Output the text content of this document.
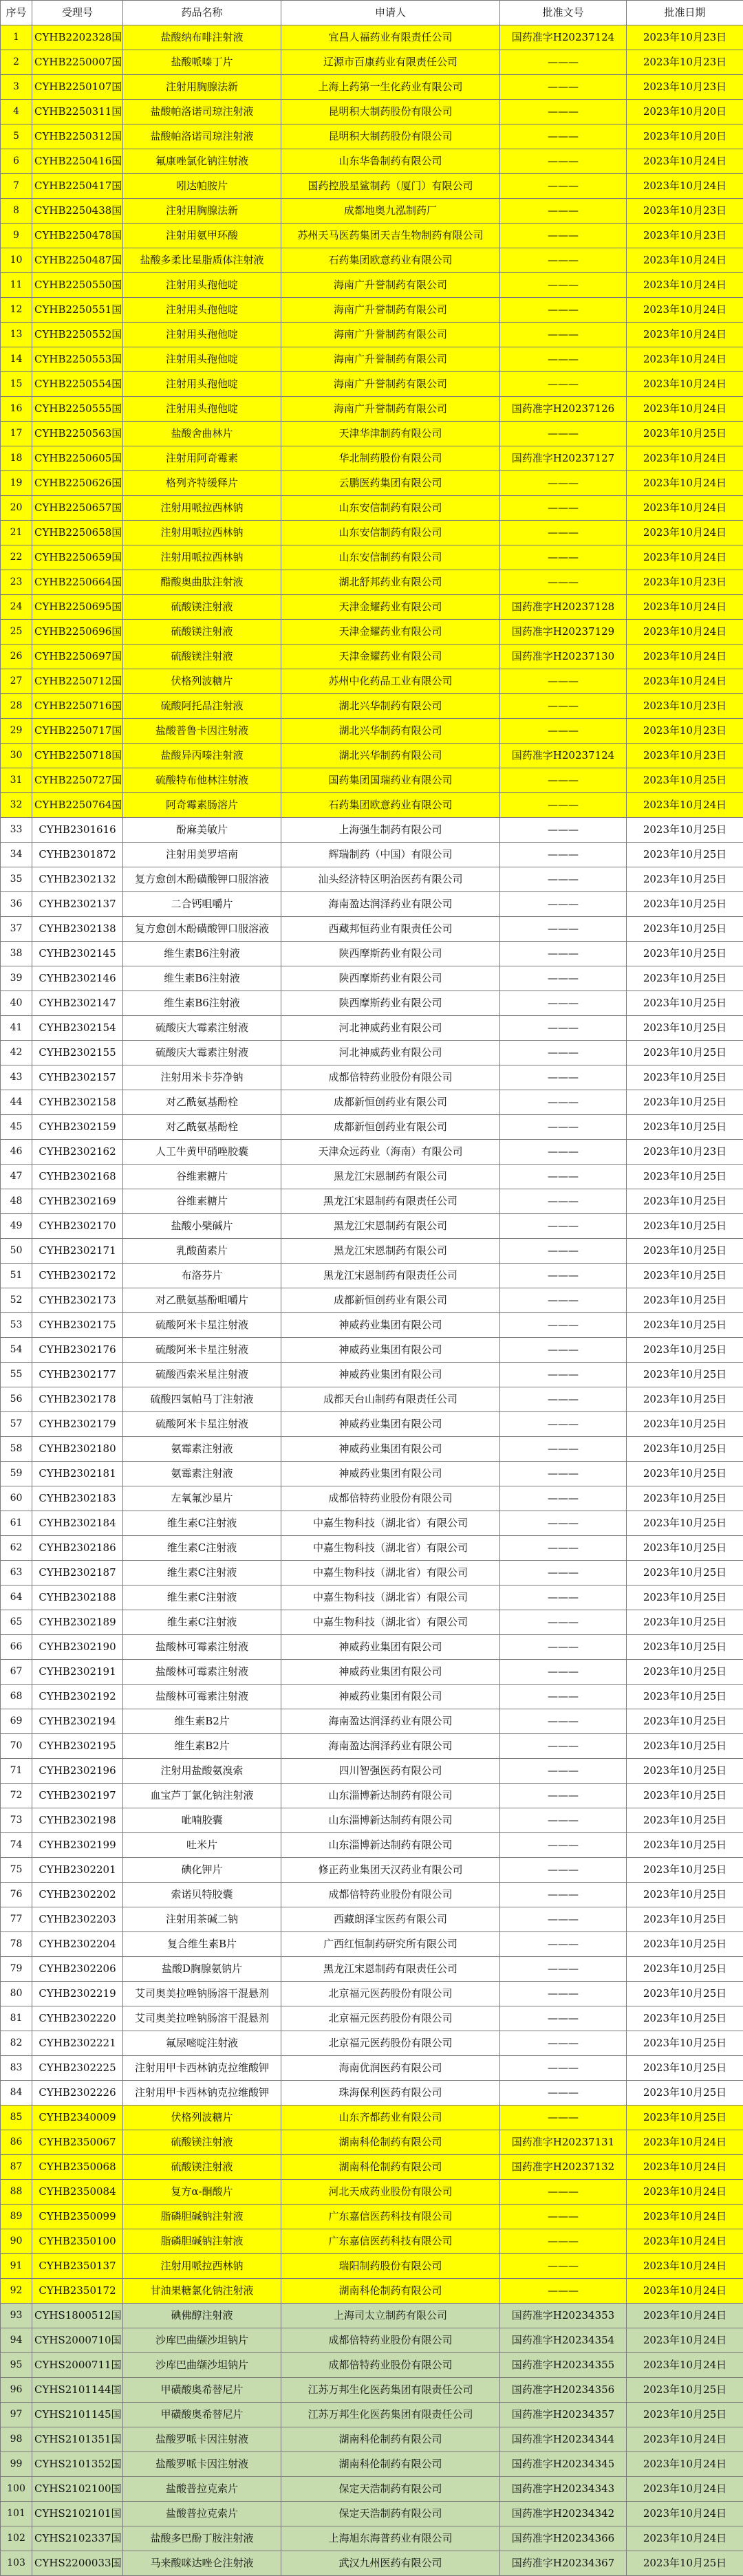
序号	受理号	药品名称	申请人	批准文号	批准日期
1	CYHB2202328国	盐酸纳布啡注射液	宜昌人福药业有限责任公司	国药准字H20237124	2023年10月23日
2	CYHB2250007国	盐酸哌嗪丁片	辽源市百康药业有限责任公司	———	2023年10月23日
3	CYHB2250107国	注射用胸腺法新	上海上药第一生化药业有限公司	———	2023年10月23日
4	CYHB2250311国	盐酸帕洛诺司琼注射液	昆明积大制药股份有限公司	———	2023年10月20日
5	CYHB2250312国	盐酸帕洛诺司琼注射液	昆明积大制药股份有限公司	———	2023年10月20日
6	CYHB2250416国	氟康唑氯化钠注射液	山东华鲁制药有限公司	———	2023年10月24日
7	CYHB2250417国	吲达帕胺片	国药控股星鲨制药（厦门）有限公司	———	2023年10月24日
8	CYHB2250438国	注射用胸腺法新	成都地奥九泓制药厂	———	2023年10月23日
9	CYHB2250478国	注射用氨甲环酸	苏州天马医药集团天吉生物制药有限公司	———	2023年10月23日
10	CYHB2250487国	盐酸多柔比星脂质体注射液	石药集团欧意药业有限公司	———	2023年10月24日
11	CYHB2250550国	注射用头孢他啶	海南广升誉制药有限公司	———	2023年10月24日
12	CYHB2250551国	注射用头孢他啶	海南广升誉制药有限公司	———	2023年10月24日
13	CYHB2250552国	注射用头孢他啶	海南广升誉制药有限公司	———	2023年10月24日
14	CYHB2250553国	注射用头孢他啶	海南广升誉制药有限公司	———	2023年10月24日
15	CYHB2250554国	注射用头孢他啶	海南广升誉制药有限公司	———	2023年10月24日
16	CYHB2250555国	注射用头孢他啶	海南广升誉制药有限公司	国药准字H20237126	2023年10月24日
17	CYHB2250563国	盐酸舍曲林片	天津华津制药有限公司	———	2023年10月25日
18	CYHB2250605国	注射用阿奇霉素	华北制药股份有限公司	国药准字H20237127	2023年10月24日
19	CYHB2250626国	格列齐特缓释片	云鹏医药集团有限公司	———	2023年10月24日
20	CYHB2250657国	注射用哌拉西林钠	山东安信制药有限公司	———	2023年10月24日
21	CYHB2250658国	注射用哌拉西林钠	山东安信制药有限公司	———	2023年10月24日
22	CYHB2250659国	注射用哌拉西林钠	山东安信制药有限公司	———	2023年10月24日
23	CYHB2250664国	醋酸奥曲肽注射液	湖北舒邦药业有限公司	———	2023年10月23日
24	CYHB2250695国	硫酸镁注射液	天津金耀药业有限公司	国药准字H20237128	2023年10月24日
25	CYHB2250696国	硫酸镁注射液	天津金耀药业有限公司	国药准字H20237129	2023年10月24日
26	CYHB2250697国	硫酸镁注射液	天津金耀药业有限公司	国药准字H20237130	2023年10月24日
27	CYHB2250712国	伏格列波糖片	苏州中化药品工业有限公司	———	2023年10月24日
28	CYHB2250716国	硫酸阿托品注射液	湖北兴华制药有限公司	———	2023年10月23日
29	CYHB2250717国	盐酸普鲁卡因注射液	湖北兴华制药有限公司	———	2023年10月23日
30	CYHB2250718国	盐酸异丙嗪注射液	湖北兴华制药有限公司	国药准字H20237124	2023年10月23日
31	CYHB2250727国	硫酸特布他林注射液	国药集团国瑞药业有限公司	———	2023年10月25日
32	CYHB2250764国	阿奇霉素肠溶片	石药集团欧意药业有限公司	———	2023年10月24日
33	CYHB2301616	酚麻美敏片	上海强生制药有限公司	———	2023年10月25日
34	CYHB2301872	注射用美罗培南	辉瑞制药（中国）有限公司	———	2023年10月25日
35	CYHB2302132	复方愈创木酚磺酸钾口服溶液	汕头经济特区明治医药有限公司	———	2023年10月25日
36	CYHB2302137	二合钙咀嚼片	海南盈达润泽药业有限公司	———	2023年10月25日
37	CYHB2302138	复方愈创木酚磺酸钾口服溶液	西藏邦恒药业有限责任公司	———	2023年10月25日
38	CYHB2302145	维生素B6注射液	陕西摩斯药业有限公司	———	2023年10月25日
39	CYHB2302146	维生素B6注射液	陕西摩斯药业有限公司	———	2023年10月25日
40	CYHB2302147	维生素B6注射液	陕西摩斯药业有限公司	———	2023年10月25日
41	CYHB2302154	硫酸庆大霉素注射液	河北神威药业有限公司	———	2023年10月25日
42	CYHB2302155	硫酸庆大霉素注射液	河北神威药业有限公司	———	2023年10月25日
43	CYHB2302157	注射用米卡芬净钠	成都倍特药业股份有限公司	———	2023年10月25日
44	CYHB2302158	对乙酰氨基酚栓	成都新恒创药业有限公司	———	2023年10月25日
45	CYHB2302159	对乙酰氨基酚栓	成都新恒创药业有限公司	———	2023年10月25日
46	CYHB2302162	人工牛黄甲硝唑胶囊	天津众远药业（海南）有限公司	———	2023年10月23日
47	CYHB2302168	谷维素糖片	黑龙江宋恩制药有限公司	———	2023年10月25日
48	CYHB2302169	谷维素糖片	黑龙江宋恩制药有限责任公司	———	2023年10月25日
49	CYHB2302170	盐酸小檗碱片	黑龙江宋恩制药有限公司	———	2023年10月25日
50	CYHB2302171	乳酸菌素片	黑龙江宋恩制药有限公司	———	2023年10月25日
51	CYHB2302172	布洛芬片	黑龙江宋恩制药有限责任公司	———	2023年10月25日
52	CYHB2302173	对乙酰氨基酚咀嚼片	成都新恒创药业有限公司	———	2023年10月25日
53	CYHB2302175	硫酸阿米卡星注射液	神威药业集团有限公司	———	2023年10月25日
54	CYHB2302176	硫酸阿米卡星注射液	神威药业集团有限公司	———	2023年10月25日
55	CYHB2302177	硫酸西索米星注射液	神威药业集团有限公司	———	2023年10月25日
56	CYHB2302178	硫酸四氢帕马丁注射液	成都天台山制药有限责任公司	———	2023年10月25日
57	CYHB2302179	硫酸阿米卡星注射液	神威药业集团有限公司	———	2023年10月25日
58	CYHB2302180	氨霉素注射液	神威药业集团有限公司	———	2023年10月25日
59	CYHB2302181	氨霉素注射液	神威药业集团有限公司	———	2023年10月25日
60	CYHB2302183	左氧氟沙星片	成都倍特药业股份有限公司	———	2023年10月25日
61	CYHB2302184	维生素C注射液	中嘉生物科技（湖北省）有限公司	———	2023年10月25日
62	CYHB2302186	维生素C注射液	中嘉生物科技（湖北省）有限公司	———	2023年10月25日
63	CYHB2302187	维生素C注射液	中嘉生物科技（湖北省）有限公司	———	2023年10月25日
64	CYHB2302188	维生素C注射液	中嘉生物科技（湖北省）有限公司	———	2023年10月25日
65	CYHB2302189	维生素C注射液	中嘉生物科技（湖北省）有限公司	———	2023年10月25日
66	CYHB2302190	盐酸林可霉素注射液	神威药业集团有限公司	———	2023年10月25日
67	CYHB2302191	盐酸林可霉素注射液	神威药业集团有限公司	———	2023年10月25日
68	CYHB2302192	盐酸林可霉素注射液	神威药业集团有限公司	———	2023年10月25日
69	CYHB2302194	维生素B2片	海南盈达润泽药业有限公司	———	2023年10月25日
70	CYHB2302195	维生素B2片	海南盈达润泽药业有限公司	———	2023年10月25日
71	CYHB2302196	注射用盐酸氨溴索	四川智强医药有限公司	———	2023年10月25日
72	CYHB2302197	血宝芦丁氯化钠注射液	山东淄博新达制药有限公司	———	2023年10月25日
73	CYHB2302198	呲喃胶囊	山东淄博新达制药有限公司	———	2023年10月25日
74	CYHB2302199	吐米片	山东淄博新达制药有限公司	———	2023年10月25日
75	CYHB2302201	碘化钾片	修正药业集团天汉药业有限公司	———	2023年10月25日
76	CYHB2302202	索诺贝特胶囊	成都倍特药业股份有限公司	———	2023年10月25日
77	CYHB2302203	注射用茶碱二钠	西藏朗泽宝医药有限公司	———	2023年10月25日
78	CYHB2302204	复合维生素B片	广西红恒制药研究所有限公司	———	2023年10月25日
79	CYHB2302206	盐酸D胸腺氨钠片	黑龙江宋恩制药有限责任公司	———	2023年10月25日
80	CYHB2302219	艾司奥美拉唑钠肠溶干混悬剂	北京福元医药股份有限公司	———	2023年10月25日
81	CYHB2302220	艾司奥美拉唑钠肠溶干混悬剂	北京福元医药股份有限公司	———	2023年10月25日
82	CYHB2302221	氟尿嘧啶注射液	北京福元医药股份有限公司	———	2023年10月25日
83	CYHB2302225	注射用甲卡西林钠克拉维酸钾	海南优润医药有限公司	———	2023年10月25日
84	CYHB2302226	注射用甲卡西林钠克拉维酸钾	珠海保利医药有限公司	———	2023年10月25日
85	CYHB2340009	伏格列波糖片	山东齐都药业有限公司	———	2023年10月25日
86	CYHB2350067	硫酸镁注射液	湖南科伦制药有限公司	国药准字H20237131	2023年10月24日
87	CYHB2350068	硫酸镁注射液	湖南科伦制药有限公司	国药准字H20237132	2023年10月24日
88	CYHB2350084	复方α-酮酸片	河北天成药业股份有限公司	———	2023年10月24日
89	CYHB2350099	脂磷胆碱钠注射液	广东嘉信医药科技有限公司	———	2023年10月24日
90	CYHB2350100	脂磷胆碱钠注射液	广东嘉信医药科技有限公司	———	2023年10月24日
91	CYHB2350137	注射用哌拉西林钠	瑞阳制药股份有限公司	———	2023年10月24日
92	CYHB2350172	甘油果糖氯化钠注射液	湖南科伦制药有限公司	———	2023年10月24日
93	CYHS1800512国	碘佛醇注射液	上海司太立制药有限公司	国药准字H20234353	2023年10月24日
94	CYHS2000710国	沙库巴曲缬沙坦钠片	成都倍特药业股份有限公司	国药准字H20234354	2023年10月24日
95	CYHS2000711国	沙库巴曲缬沙坦钠片	成都倍特药业股份有限公司	国药准字H20234355	2023年10月24日
96	CYHS2101144国	甲磺酸奥希替尼片	江苏万邦生化医药集团有限责任公司	国药准字H20234356	2023年10月25日
97	CYHS2101145国	甲磺酸奥希替尼片	江苏万邦生化医药集团有限责任公司	国药准字H20234357	2023年10月25日
98	CYHS2101351国	盐酸罗哌卡因注射液	湖南科伦制药有限公司	国药准字H20234344	2023年10月24日
99	CYHS2101352国	盐酸罗哌卡因注射液	湖南科伦制药有限公司	国药准字H20234345	2023年10月24日
100	CYHS2102100国	盐酸普拉克索片	保定天浩制药有限公司	国药准字H20234343	2023年10月24日
101	CYHS2102101国	盐酸普拉克索片	保定天浩制药有限公司	国药准字H20234342	2023年10月24日
102	CYHS2102337国	盐酸多巴酚丁胺注射液	上海旭东海普药业有限公司	国药准字H20234366	2023年10月24日
103	CYHS2200033国	马来酸咪达唑仑注射液	武汉九州医药有限公司	国药准字H20234367	2023年10月25日
